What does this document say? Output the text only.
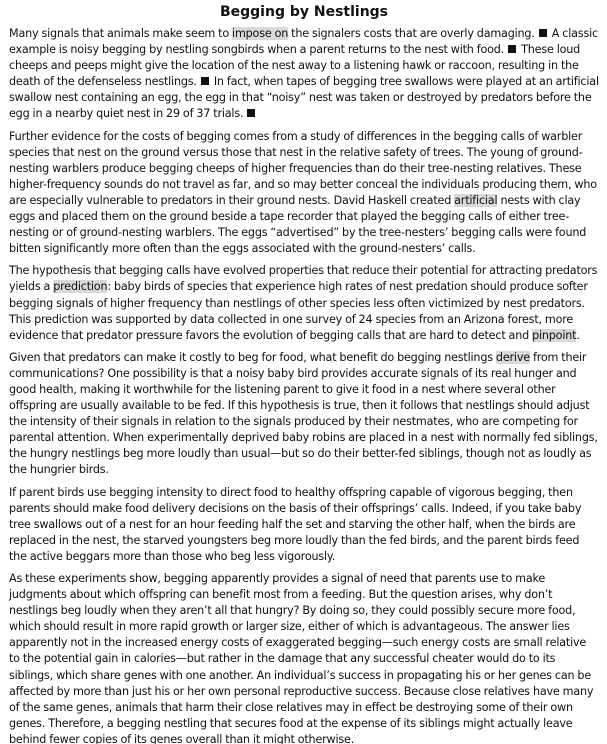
Begging by Nestlings

Many signals that animals make seem to impose on the signalers costs that are overly damaging.  A classic example is noisy begging by nestling songbirds when a parent returns to the nest with food.  These loud cheeps and peeps might give the location of the nest away to a listening hawk or raccoon, resulting in the death of the defenseless nestlings.  In fact, when tapes of begging tree swallows were played at an artificial swallow nest containing an egg, the egg in that “noisy” nest was taken or destroyed by predators before the egg in a nearby quiet nest in 29 of 37 trials.

Further evidence for the costs of begging comes from a study of differences in the begging calls of warbler species that nest on the ground versus those that nest in the relative safety of trees. The young of ground-nesting warblers produce begging cheeps of higher frequencies than do their tree-nesting relatives. These higher-frequency sounds do not travel as far, and so may better conceal the individuals producing them, who are especially vulnerable to predators in their ground nests. David Haskell created artificial nests with clay eggs and placed them on the ground beside a tape recorder that played the begging calls of either tree-nesting or of ground-nesting warblers. The eggs “advertised” by the tree-nesters’ begging calls were found bitten significantly more often than the eggs associated with the ground-nesters’ calls.

The hypothesis that begging calls have evolved properties that reduce their potential for attracting predators yields a prediction: baby birds of species that experience high rates of nest predation should produce softer begging signals of higher frequency than nestlings of other species less often victimized by nest predators. This prediction was supported by data collected in one survey of 24 species from an Arizona forest, more evidence that predator pressure favors the evolution of begging calls that are hard to detect and pinpoint.

Given that predators can make it costly to beg for food, what benefit do begging nestlings derive from their communications? One possibility is that a noisy baby bird provides accurate signals of its real hunger and good health, making it worthwhile for the listening parent to give it food in a nest where several other offspring are usually available to be fed. If this hypothesis is true, then it follows that nestlings should adjust the intensity of their signals in relation to the signals produced by their nestmates, who are competing for parental attention. When experimentally deprived baby robins are placed in a nest with normally fed siblings, the hungry nestlings beg more loudly than usual—but so do their better-fed siblings, though not as loudly as the hungrier birds.

If parent birds use begging intensity to direct food to healthy offspring capable of vigorous begging, then parents should make food delivery decisions on the basis of their offsprings’ calls. Indeed, if you take baby tree swallows out of a nest for an hour feeding half the set and starving the other half, when the birds are replaced in the nest, the starved youngsters beg more loudly than the fed birds, and the parent birds feed the active beggars more than those who beg less vigorously.

As these experiments show, begging apparently provides a signal of need that parents use to make judgments about which offspring can benefit most from a feeding. But the question arises, why don’t nestlings beg loudly when they aren’t all that hungry? By doing so, they could possibly secure more food, which should result in more rapid growth or larger size, either of which is advantageous. The answer lies apparently not in the increased energy costs of exaggerated begging—such energy costs are small relative to the potential gain in calories—but rather in the damage that any successful cheater would do to its siblings, which share genes with one another. An individual’s success in propagating his or her genes can be affected by more than just his or her own personal reproductive success. Because close relatives have many of the same genes, animals that harm their close relatives may in effect be destroying some of their own genes. Therefore, a begging nestling that secures food at the expense of its siblings might actually leave behind fewer copies of its genes overall than it might otherwise.
